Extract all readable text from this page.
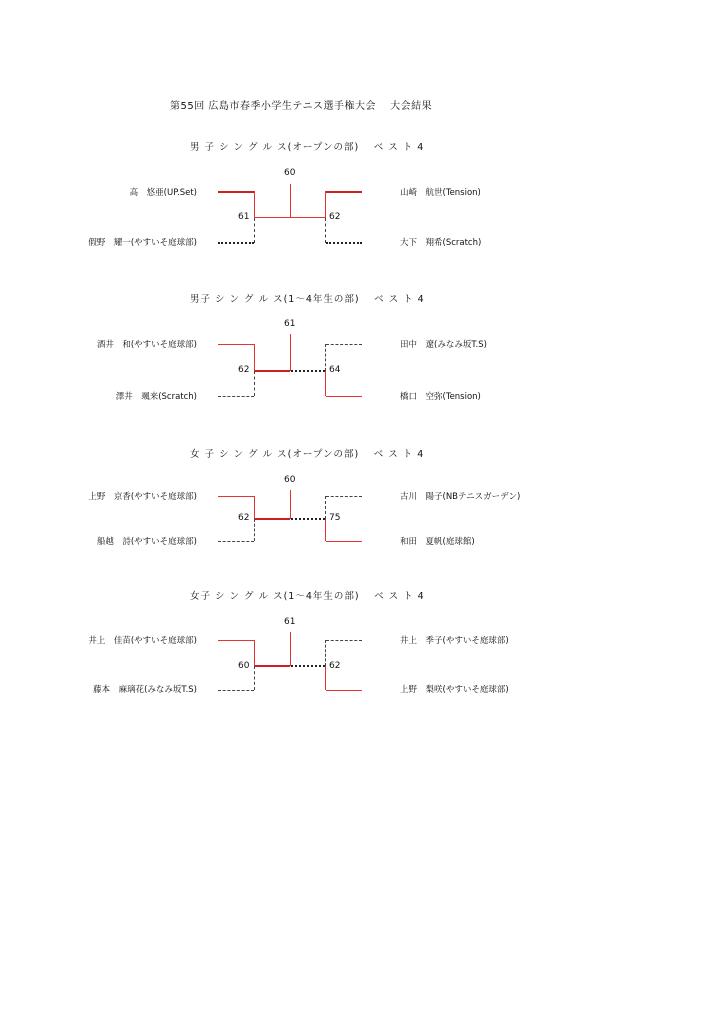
第55回 広島市春季小学生テニス選手権大会　 大会結果
男 子 シ ン グ ル ス(オープンの部)　 ベ ス ト 4
高　悠亜(UP.Set)
假野　耀一(やすいそ庭球部)
山崎　航世(Tension)
大下　翔希(Scratch)
60
61	62
男子 シ ン グ ル ス(1～4年生の部)　 ベ ス ト 4
酒井　和(やすいそ庭球部)
澤井　颯来(Scratch)
田中　遼(みなみ坂T.S)
橋口　空弥(Tension)
61
62	64
女 子 シ ン グ ル ス(オープンの部)　 ベ ス ト 4
上野　京香(やすいそ庭球部)
船越　詩(やすいそ庭球部)
古川　陽子(NBテニスガーデン)
和田　夏帆(庭球館)
60
62	75
女子 シ ン グ ル ス(1～4年生の部)　 ベ ス ト 4
井上　佳苗(やすいそ庭球部)
藤本　麻璃花(みなみ坂T.S)
井上　季子(やすいそ庭球部)
上野　梨咲(やすいそ庭球部)
61
60	62
